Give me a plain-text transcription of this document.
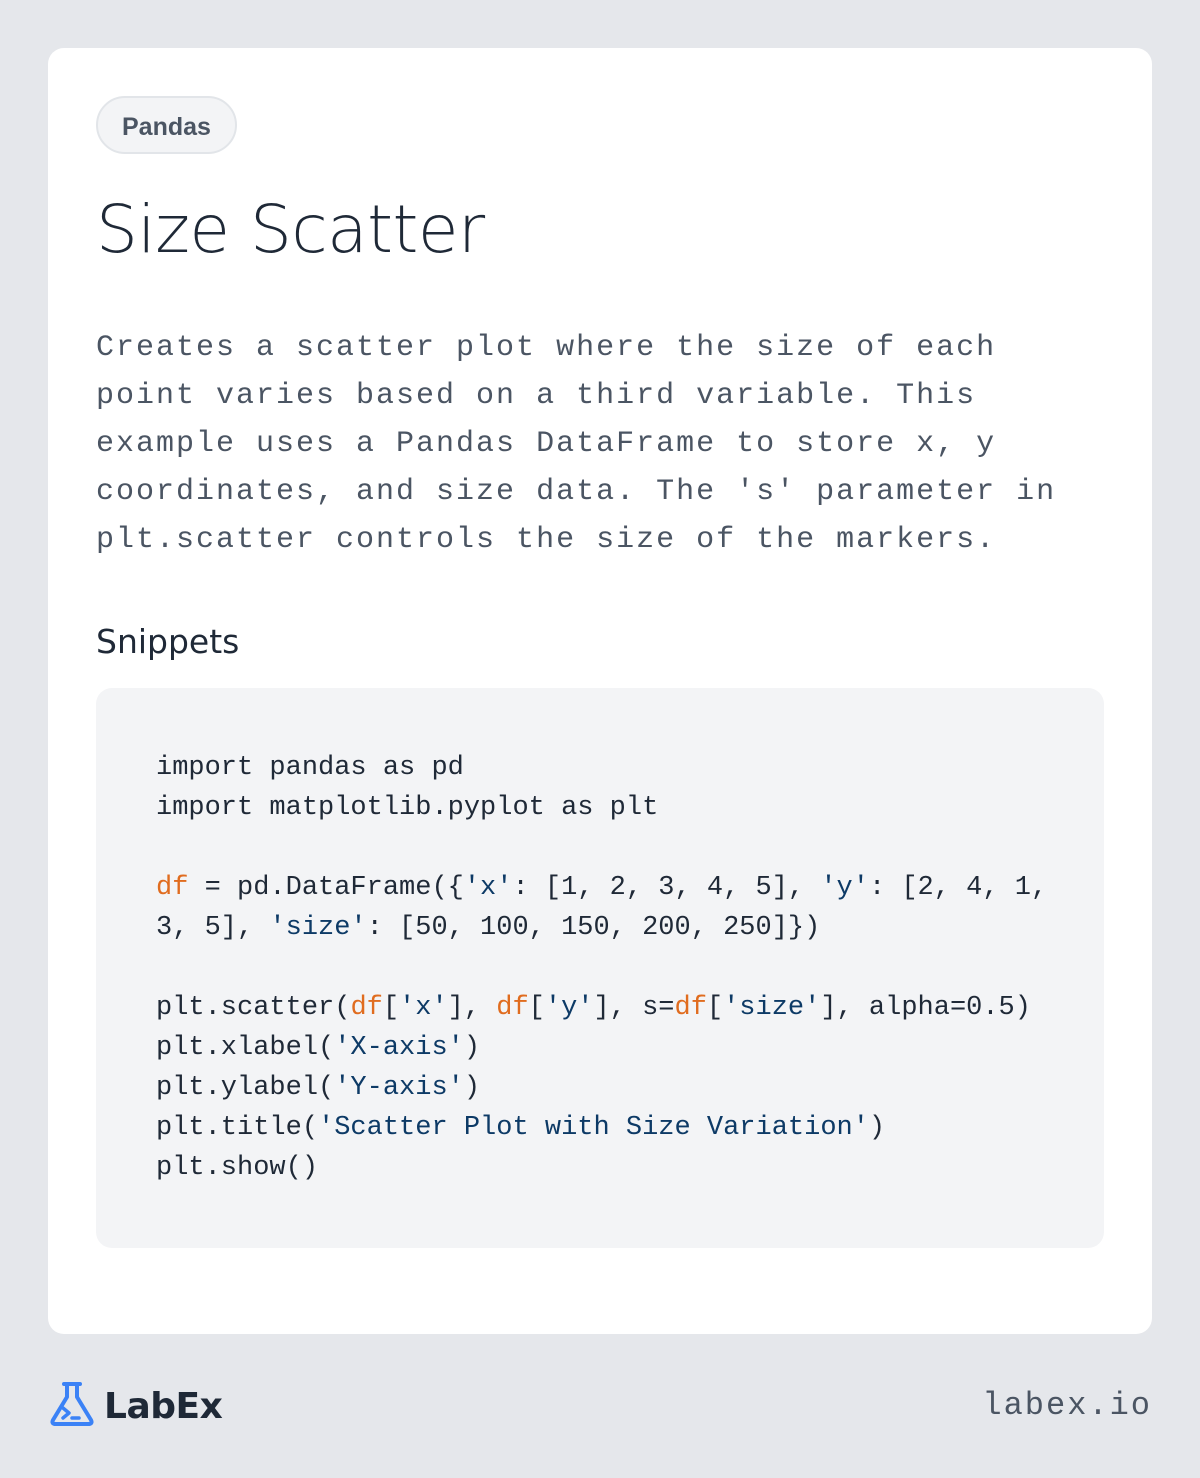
Pandas
Size Scatter

Creates a scatter plot where the size of each point varies based on a third variable. This example uses a Pandas DataFrame to store x, y coordinates, and size data. The 's' parameter in plt.scatter controls the size of the markers.

Snippets
import pandas as pd
import matplotlib.pyplot as plt

df = pd.DataFrame({'x': [1, 2, 3, 4, 5], 'y': [2, 4, 1,
3, 5], 'size': [50, 100, 150, 200, 250]})

plt.scatter(df['x'], df['y'], s=df['size'], alpha=0.5)
plt.xlabel('X-axis')
plt.ylabel('Y-axis')
plt.title('Scatter Plot with Size Variation')
plt.show()
LabEx	labex.io
